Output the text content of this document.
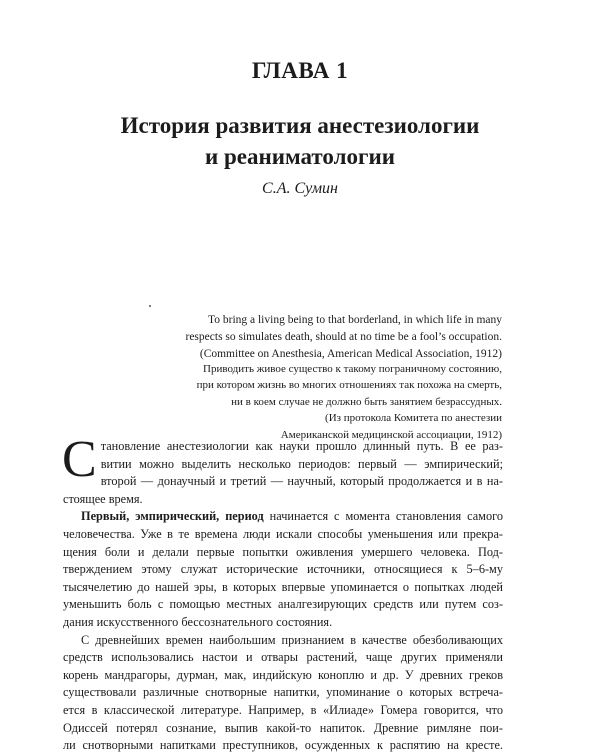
ГЛАВА 1
История развития анестезиологии
и реаниматологии
С.А. Сумин
To bring a living being to that borderland, in which life in many
respects so simulates death, should at no time be a fool’s occupation.
(Committee on Anesthesia, American Medical Association, 1912)
Приводить живое существо к такому пограничному состоянию,
при котором жизнь во многих отношениях так похожа на смерть,
ни в коем случае не должно быть занятием безрассудных.
(Из протокола Комитета по анестезии
Американской медицинской ассоциации, 1912)

С тановление анестезиологии как науки прошло длинный путь. В ее раз-
витии можно выделить несколько периодов: первый — эмпирический;
второй — донаучный и третий — научный, который продолжается и в на-
стоящее время.

Первый, эмпирический, период начинается с момента становления самого
человечества. Уже в те времена люди искали способы уменьшения или прекра-
щения боли и делали первые попытки оживления умершего человека. Под-
тверждением этому служат исторические источники, относящиеся к 5–6-му
тысячелетию до нашей эры, в которых впервые упоминается о попытках людей
уменьшить боль с помощью местных аналгезирующих средств или путем соз-
дания искусственного бессознательного состояния.

С древнейших времен наибольшим признанием в качестве обезболивающих
средств использовались настои и отвары растений, чаще других применяли
корень мандрагоры, дурман, мак, индийскую коноплю и др. У древних греков
существовали различные снотворные напитки, упоминание о которых встреча-
ется в классической литературе. Например, в «Илиаде» Гомера говорится, что
Одиссей потерял сознание, выпив какой-то напиток. Древние римляне пои-
ли снотворными напитками преступников, осужденных к распятию на кресте.
